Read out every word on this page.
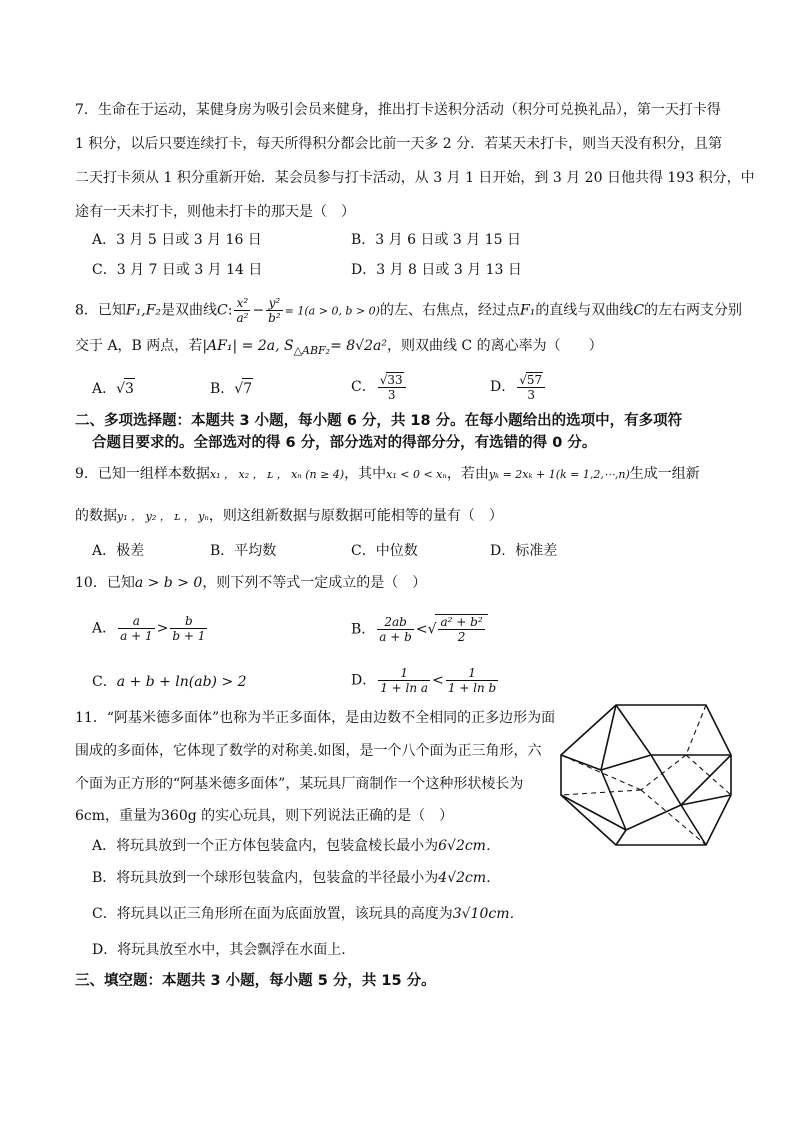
7．生命在于运动，某健身房为吸引会员来健身，推出打卡送积分活动（积分可兑换礼品），第一天打卡得
1 积分，以后只要连续打卡，每天所得积分都会比前一天多 2 分．若某天未打卡，则当天没有积分，且第
二天打卡须从 1 积分重新开始．某会员参与打卡活动，从 3 月 1 日开始，到 3 月 20 日他共得 193 积分，中
途有一天未打卡，则他未打卡的那天是（　）
A．3 月 5 日或 3 月 16 日	B．3 月 6 日或 3 月 15 日
C．3 月 7 日或 3 月 14 日	D．3 月 8 日或 3 月 13 日
8．已知F₁,F₂是双曲线C: $\frac{\text{x²}}{\text{a²}} - \frac{\text{y²}}{\text{b²}} = 1(a > 0$, b > 0)的左、右焦点，经过点F₁的直线与双曲线C的左右两支分别
交于 A，B 两点，若|AF₁| = 2a, $S_{\triangle ABF_2}= 8√2a^2$，则双曲线 C 的离心率为（　　）
A．√3	B．√7	C． $\frac{√33}{3}$	D． $\frac{√57}{3}$
二、多项选择题：本题共 3 小题，每小题 6 分，共 18 分。在每小题给出的选项中，有多项符
合题目要求的。全部选对的得 6 分，部分选对的得部分分，有选错的得 0 分。
9．已知一组样本数据x₁ ， x₂ ， ʟ ， xₙ (n ≥ 4)，其中x₁ < 0 < xₙ，若由yₖ = 2xₖ + 1(k = 1,2,⋯,n)生成一组新
的数据y₁ ， y₂ ， ʟ ， yₙ，则这组新数据与原数据可能相等的量有（　）
A．极差	B．平均数	C．中位数	D．标准差
10．已知a > b > 0，则下列不等式一定成立的是（　）
A． $\frac{a}{a + 1} > \frac{b}{b + 1}$	B． $\frac{2ab}{a + b}$ <√ $\frac{\text{a² + b²}}{2}$
C．a + b + ln(ab) > 2	D． $\frac{1}{\text{1 + ln a}} < \frac{1}{\text{1 + ln b}}$
11．“阿基米德多面体”也称为半正多面体，是由边数不全相同的正多边形为面
围成的多面体，它体现了数学的对称美.如图，是一个八个面为正三角形，六
个面为正方形的“阿基米德多面体”，某玩具厂商制作一个这种形状棱长为
6cm，重量为360g 的实心玩具，则下列说法正确的是（　）
A．将玩具放到一个正方体包装盒内，包装盒棱长最小为6√2cm．
B．将玩具放到一个球形包装盒内，包装盒的半径最小为4√2cm．
C．将玩具以正三角形所在面为底面放置，该玩具的高度为3√10cm．
D．将玩具放至水中，其会飘浮在水面上.
三、填空题：本题共 3 小题，每小题 5 分，共 15 分。
